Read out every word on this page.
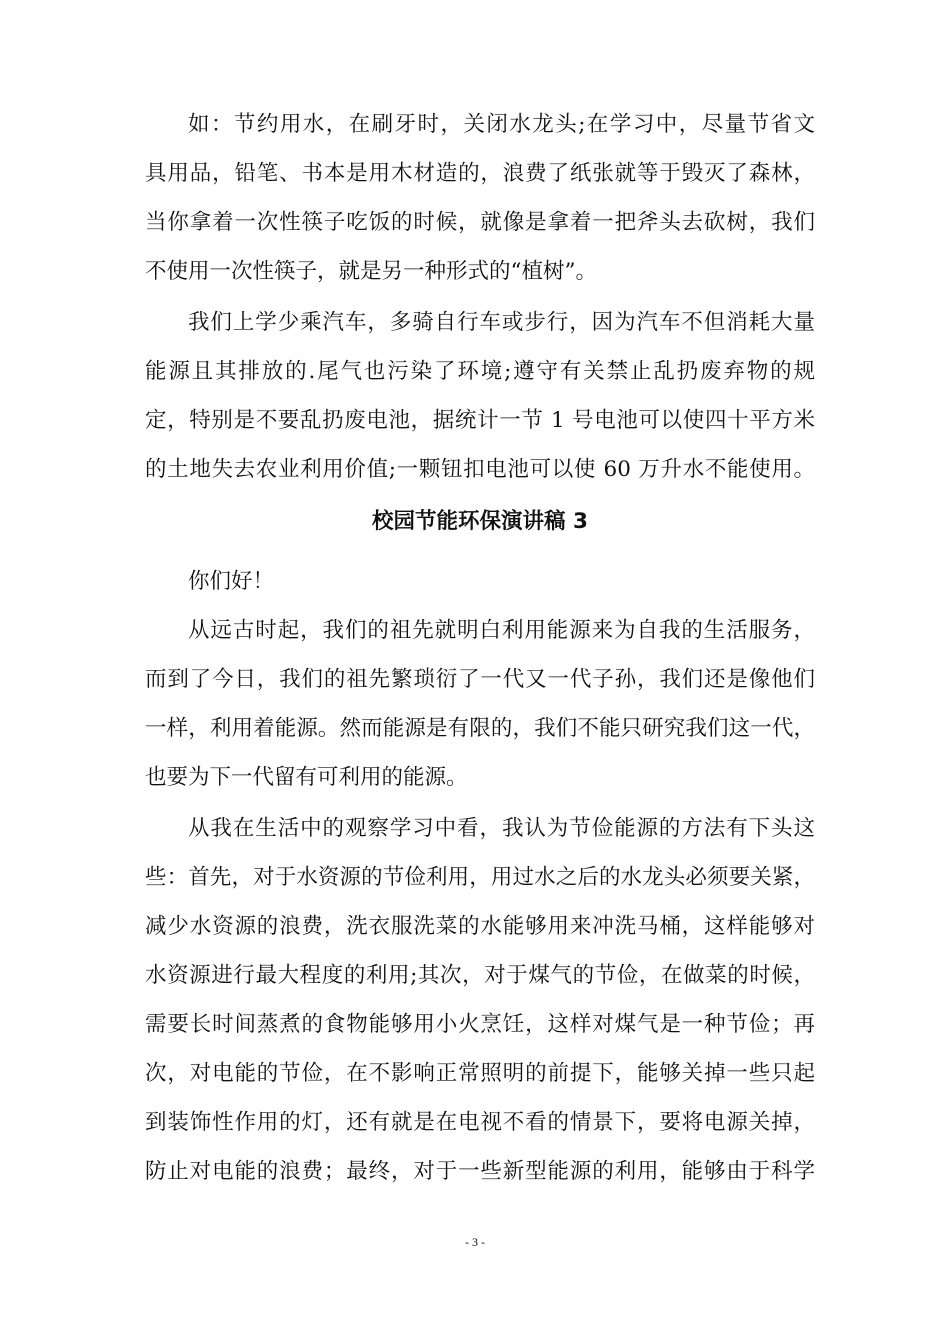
如：节约用水，在刷牙时，关闭水龙头;在学习中，尽量节省文
具用品，铅笔、书本是用木材造的，浪费了纸张就等于毁灭了森林，
当你拿着一次性筷子吃饭的时候，就像是拿着一把斧头去砍树，我们
不使用一次性筷子，就是另一种形式的“植树”。
我们上学少乘汽车，多骑自行车或步行，因为汽车不但消耗大量
能源且其排放的.尾气也污染了环境;遵守有关禁止乱扔废弃物的规
定，特别是不要乱扔废电池，据统计一节 1 号电池可以使四十平方米
的土地失去农业利用价值;一颗钮扣电池可以使 60 万升水不能使用。
校园节能环保演讲稿 3
你们好！
从远古时起，我们的祖先就明白利用能源来为自我的生活服务，
而到了今日，我们的祖先繁琐衍了一代又一代子孙，我们还是像他们
一样，利用着能源。然而能源是有限的，我们不能只研究我们这一代，
也要为下一代留有可利用的能源。
从我在生活中的观察学习中看，我认为节俭能源的方法有下头这
些：首先，对于水资源的节俭利用，用过水之后的水龙头必须要关紧，
减少水资源的浪费，洗衣服洗菜的水能够用来冲洗马桶，这样能够对
水资源进行最大程度的利用;其次，对于煤气的节俭，在做菜的时候，
需要长时间蒸煮的食物能够用小火烹饪，这样对煤气是一种节俭；再
次，对电能的节俭，在不影响正常照明的前提下，能够关掉一些只起
到装饰性作用的灯，还有就是在电视不看的情景下，要将电源关掉，
防止对电能的浪费；最终，对于一些新型能源的利用，能够由于科学
- 3 -
